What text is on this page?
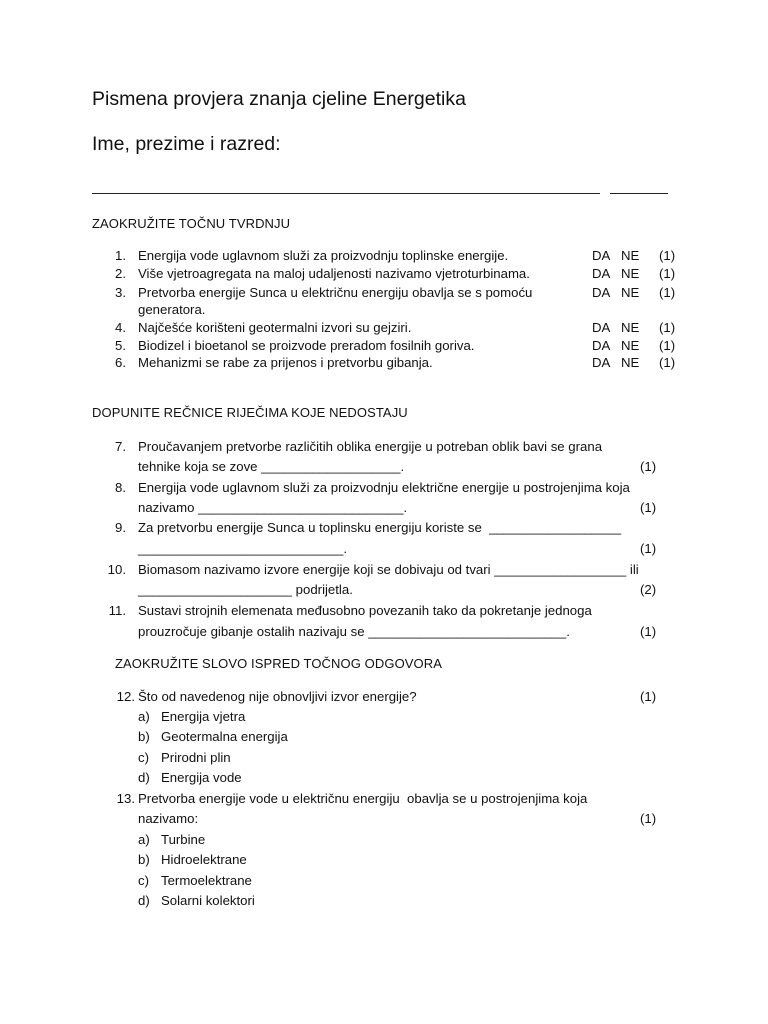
Pismena provjera znanja cjeline Energetika
Ime, prezime i razred:
ZAOKRUŽITE TOČNU TVRDNJU
1. Energija vode uglavnom služi za proizvodnju toplinske energije.	DA NE (1)
2. Više vjetroagregata na maloj udaljenosti nazivamo vjetroturbinama.	DA NE (1)
3. Pretvorba energije Sunca u električnu energiju obavlja se s pomoću
generatora.
DA NE (1)
4. Najčešće korišteni geotermalni izvori su gejziri.	DA NE (1)
5. Biodizel i bioetanol se proizvode preradom fosilnih goriva.	DA NE (1)
6. Mehanizmi se rabe za prijenos i pretvorbu gibanja.	DA NE (1)
DOPUNITE REČNICE RIJEČIMA KOJE NEDOSTAJU
7. Proučavanjem pretvorbe različitih oblika energije u potreban oblik bavi se grana
tehnike koja se zove ___________________.	(1)
8. Energija vode uglavnom služi za proizvodnju električne energije u postrojenjima koja
nazivamo ____________________________.	(1)
9. Za pretvorbu energije Sunca u toplinsku energiju koriste se  __________________
____________________________.	(1)
10. Biomasom nazivamo izvore energije koji se dobivaju od tvari __________________ ili
_____________________ podrijetla.	(2)
11. Sustavi strojnih elemenata međusobno povezanih tako da pokretanje jednoga
prouzročuje gibanje ostalih nazivaju se ___________________________.	(1)
ZAOKRUŽITE SLOVO ISPRED TOČNOG ODGOVORA
12. Što od navedenog nije obnovljivi izvor energije?	(1)
a) Energija vjetra
b) Geotermalna energija
c) Prirodni plin
d) Energija vode
13. Pretvorba energije vode u električnu energiju  obavlja se u postrojenjima koja
nazivamo:	(1)
a) Turbine
b) Hidroelektrane
c) Termoelektrane
d) Solarni kolektori
